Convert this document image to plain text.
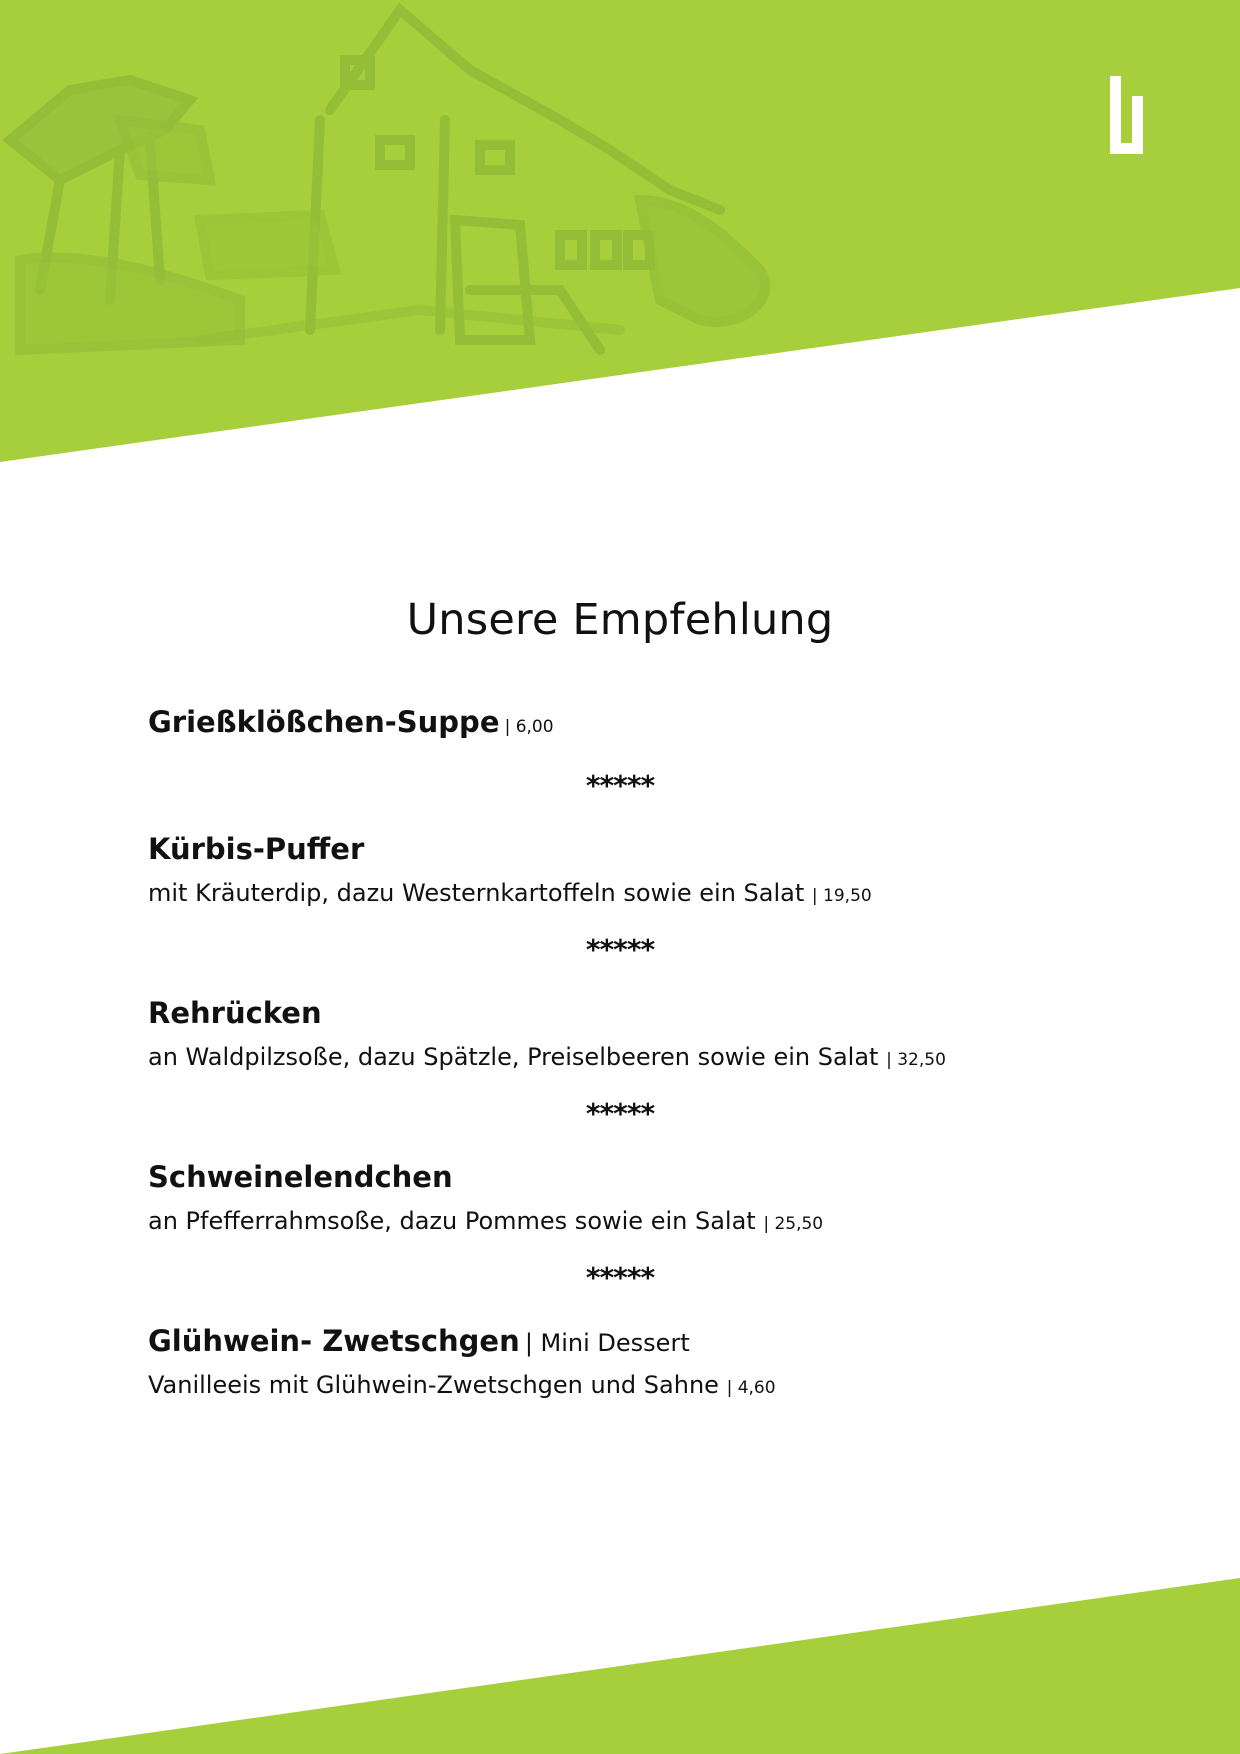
Unsere Empfehlung
Grießklößchen-Suppe | 6,00
*****
Kürbis-Puffer
mit Kräuterdip, dazu Westernkartoffeln sowie ein Salat | 19,50
*****
Rehrücken
an Waldpilzsoße, dazu Spätzle, Preiselbeeren sowie ein Salat | 32,50
*****
Schweinelendchen
an Pfefferrahmsoße, dazu Pommes sowie ein Salat | 25,50
*****
Glühwein- Zwetschgen | Mini Dessert
Vanilleeis mit Glühwein-Zwetschgen und Sahne | 4,60
